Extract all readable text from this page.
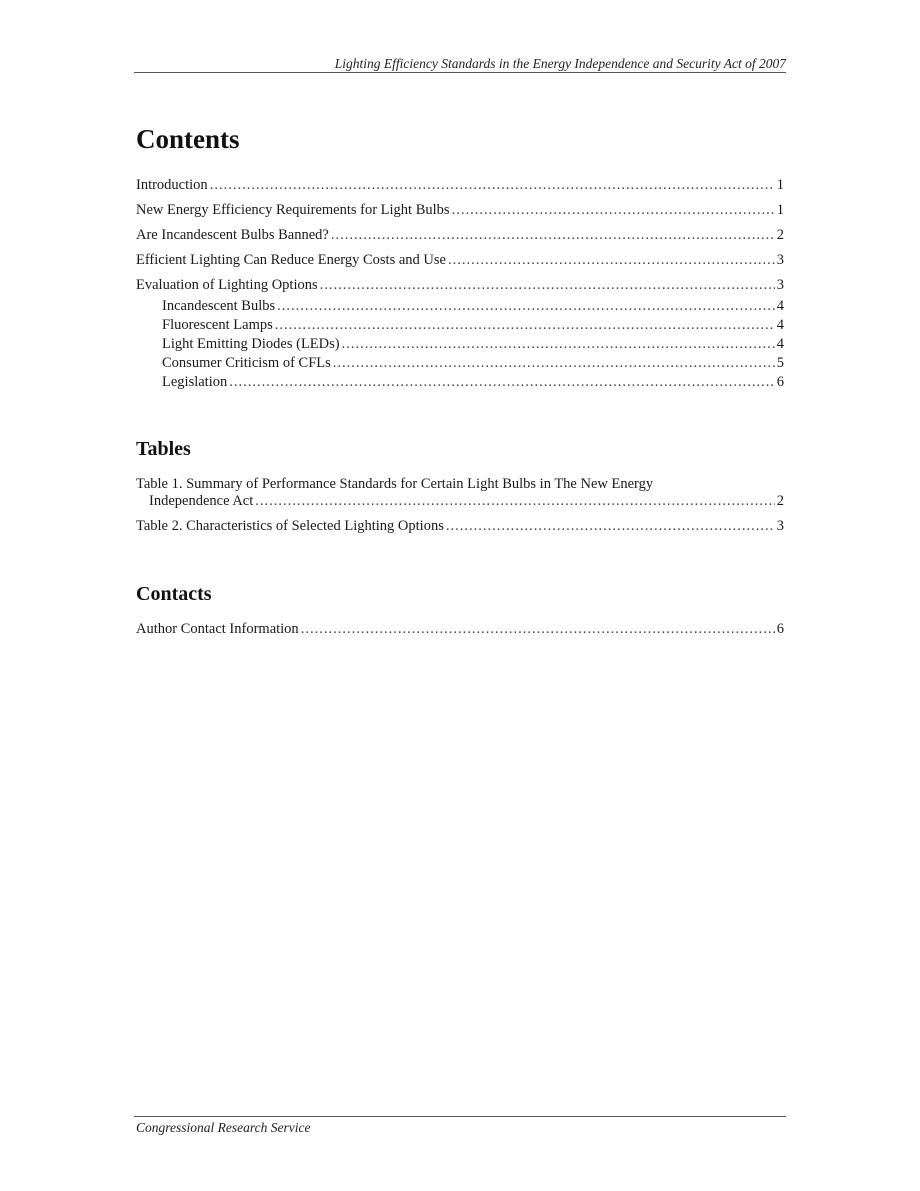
Lighting Efficiency Standards in the Energy Independence and Security Act of 2007
Contents
Introduction .....	1
New Energy Efficiency Requirements for Light Bulbs .....	1
Are Incandescent Bulbs Banned? .....	2
Efficient Lighting Can Reduce Energy Costs and Use .....	3
Evaluation of Lighting Options .....	3
Incandescent Bulbs .....	4
Fluorescent Lamps .....	4
Light Emitting Diodes (LEDs) .....	4
Consumer Criticism of CFLs .....	5
Legislation .....	6
Tables
Table 1. Summary of Performance Standards for Certain Light Bulbs in The New Energy
Independence Act .....	2
Table 2. Characteristics of Selected Lighting Options .....	3
Contacts
Author Contact Information .....	6
Congressional Research Service
